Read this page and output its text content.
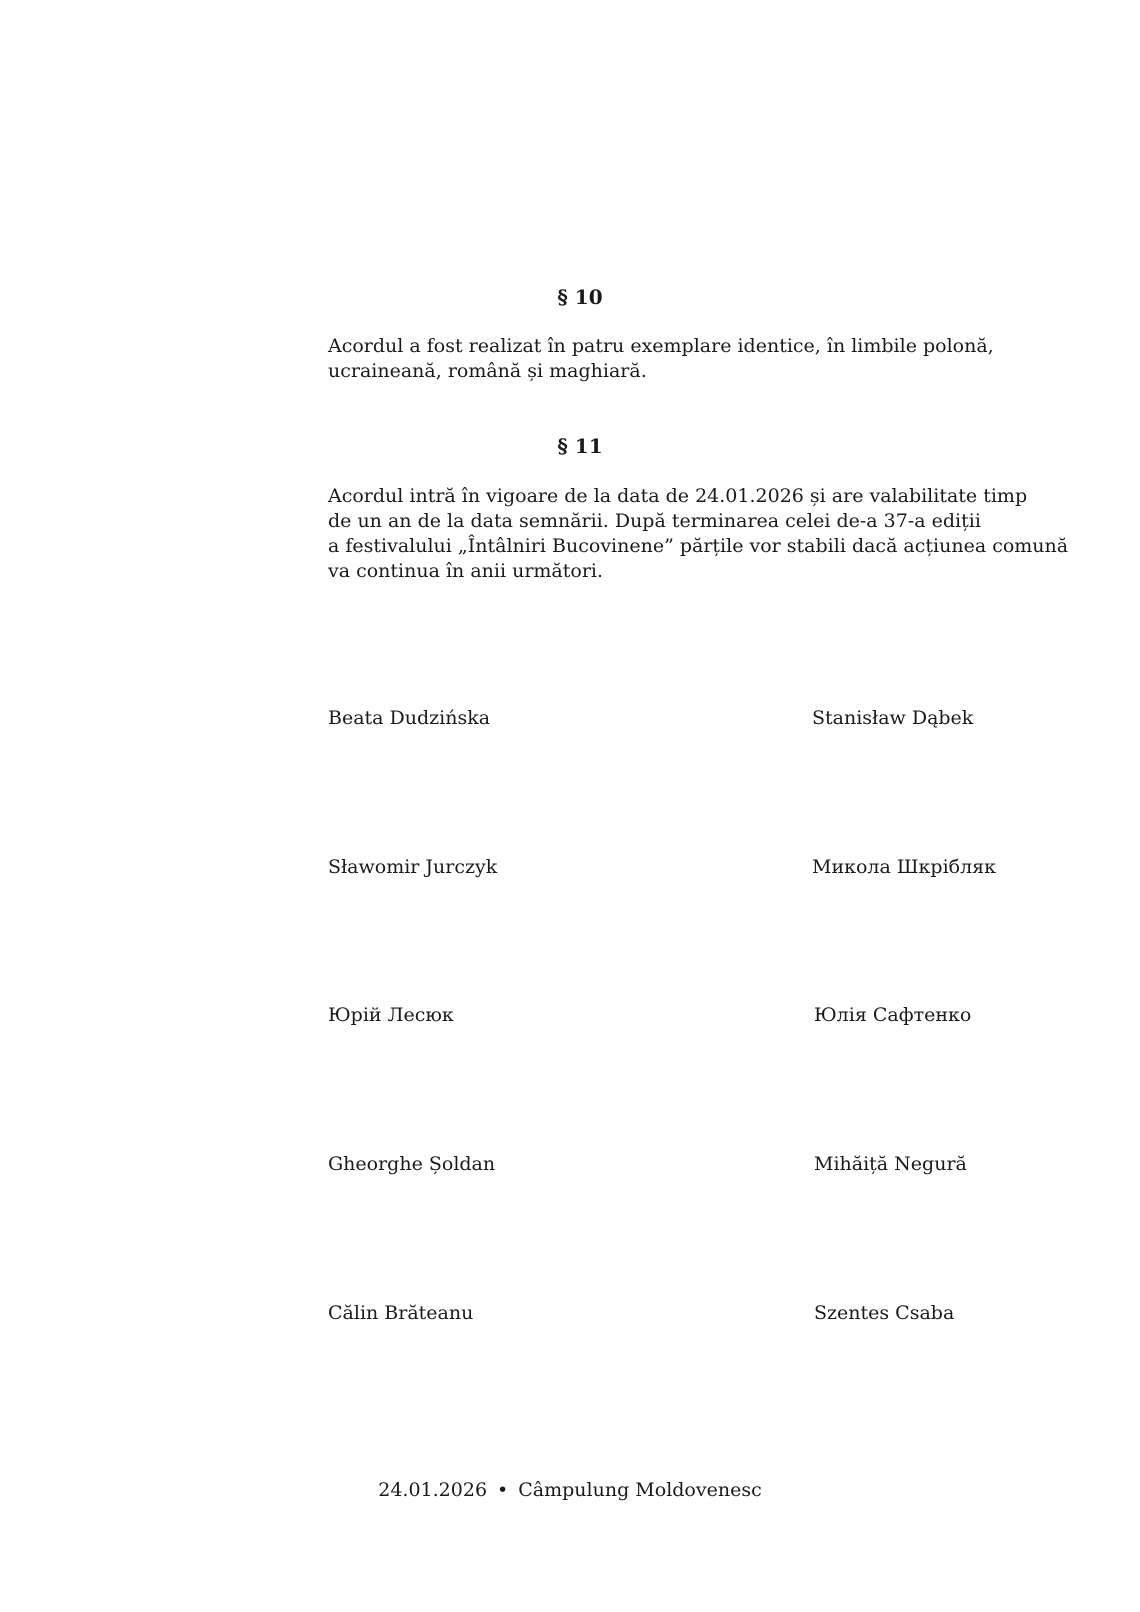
§ 10
Acordul a fost realizat în patru exemplare identice, în limbile polonă,
ucraineană, română și maghiară.
§ 11
Acordul intră în vigoare de la data de 24.01.2026 și are valabilitate timp
de un an de la data semnării. După terminarea celei de-a 37-a ediții
a festivalului „Întâlniri Bucovinene” părțile vor stabili dacă acțiunea comună
va continua în anii următori.
Beata Dudzińska	Stanisław Dąbek
Sławomir Jurczyk	Микола Шкрібляк
Юрій Лесюк	Юлія Сафтенко
Gheorghe Șoldan	Mihăiță Negură
Călin Brăteanu	Szentes Csaba
24.01.2026 • Câmpulung Moldovenesc
